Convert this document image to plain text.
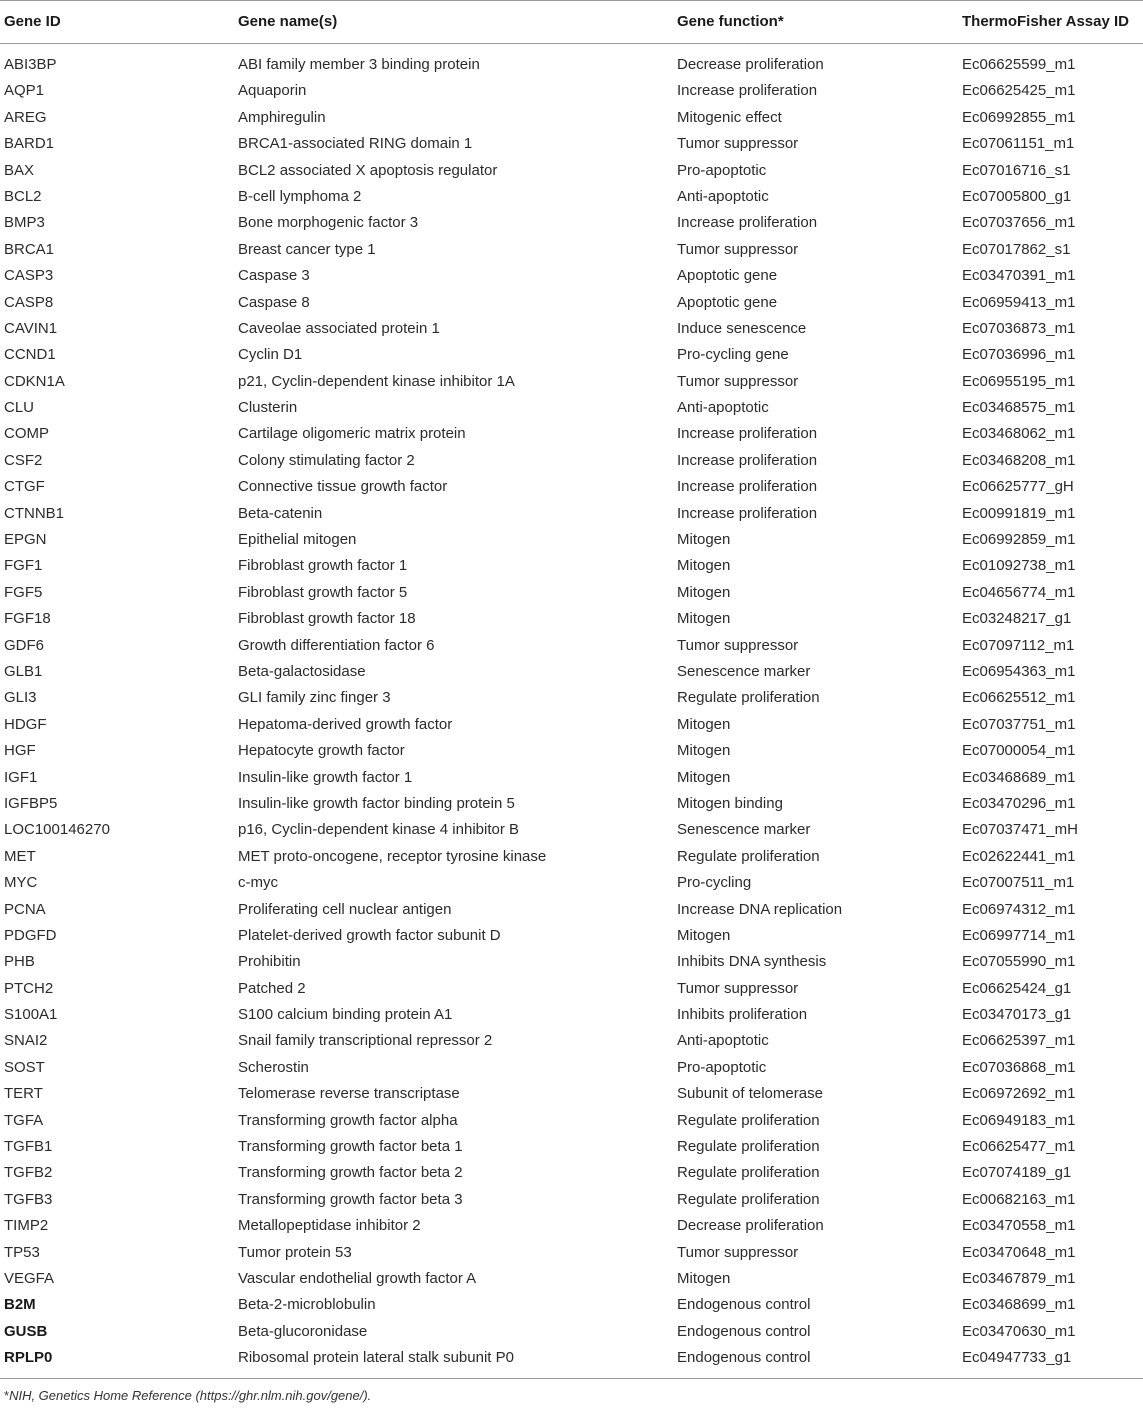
Gene ID	Gene name(s)	Gene function*	ThermoFisher Assay ID
ABI3BP	ABI family member 3 binding protein	Decrease proliferation	Ec06625599_m1
AQP1	Aquaporin	Increase proliferation	Ec06625425_m1
AREG	Amphiregulin	Mitogenic effect	Ec06992855_m1
BARD1	BRCA1-associated RING domain 1	Tumor suppressor	Ec07061151_m1
BAX	BCL2 associated X apoptosis regulator	Pro-apoptotic	Ec07016716_s1
BCL2	B-cell lymphoma 2	Anti-apoptotic	Ec07005800_g1
BMP3	Bone morphogenic factor 3	Increase proliferation	Ec07037656_m1
BRCA1	Breast cancer type 1	Tumor suppressor	Ec07017862_s1
CASP3	Caspase 3	Apoptotic gene	Ec03470391_m1
CASP8	Caspase 8	Apoptotic gene	Ec06959413_m1
CAVIN1	Caveolae associated protein 1	Induce senescence	Ec07036873_m1
CCND1	Cyclin D1	Pro-cycling gene	Ec07036996_m1
CDKN1A	p21, Cyclin-dependent kinase inhibitor 1A	Tumor suppressor	Ec06955195_m1
CLU	Clusterin	Anti-apoptotic	Ec03468575_m1
COMP	Cartilage oligomeric matrix protein	Increase proliferation	Ec03468062_m1
CSF2	Colony stimulating factor 2	Increase proliferation	Ec03468208_m1
CTGF	Connective tissue growth factor	Increase proliferation	Ec06625777_gH
CTNNB1	Beta-catenin	Increase proliferation	Ec00991819_m1
EPGN	Epithelial mitogen	Mitogen	Ec06992859_m1
FGF1	Fibroblast growth factor 1	Mitogen	Ec01092738_m1
FGF5	Fibroblast growth factor 5	Mitogen	Ec04656774_m1
FGF18	Fibroblast growth factor 18	Mitogen	Ec03248217_g1
GDF6	Growth differentiation factor 6	Tumor suppressor	Ec07097112_m1
GLB1	Beta-galactosidase	Senescence marker	Ec06954363_m1
GLI3	GLI family zinc finger 3	Regulate proliferation	Ec06625512_m1
HDGF	Hepatoma-derived growth factor	Mitogen	Ec07037751_m1
HGF	Hepatocyte growth factor	Mitogen	Ec07000054_m1
IGF1	Insulin-like growth factor 1	Mitogen	Ec03468689_m1
IGFBP5	Insulin-like growth factor binding protein 5	Mitogen binding	Ec03470296_m1
LOC100146270	p16, Cyclin-dependent kinase 4 inhibitor B	Senescence marker	Ec07037471_mH
MET	MET proto-oncogene, receptor tyrosine kinase	Regulate proliferation	Ec02622441_m1
MYC	c-myc	Pro-cycling	Ec07007511_m1
PCNA	Proliferating cell nuclear antigen	Increase DNA replication	Ec06974312_m1
PDGFD	Platelet-derived growth factor subunit D	Mitogen	Ec06997714_m1
PHB	Prohibitin	Inhibits DNA synthesis	Ec07055990_m1
PTCH2	Patched 2	Tumor suppressor	Ec06625424_g1
S100A1	S100 calcium binding protein A1	Inhibits proliferation	Ec03470173_g1
SNAI2	Snail family transcriptional repressor 2	Anti-apoptotic	Ec06625397_m1
SOST	Scherostin	Pro-apoptotic	Ec07036868_m1
TERT	Telomerase reverse transcriptase	Subunit of telomerase	Ec06972692_m1
TGFA	Transforming growth factor alpha	Regulate proliferation	Ec06949183_m1
TGFB1	Transforming growth factor beta 1	Regulate proliferation	Ec06625477_m1
TGFB2	Transforming growth factor beta 2	Regulate proliferation	Ec07074189_g1
TGFB3	Transforming growth factor beta 3	Regulate proliferation	Ec00682163_m1
TIMP2	Metallopeptidase inhibitor 2	Decrease proliferation	Ec03470558_m1
TP53	Tumor protein 53	Tumor suppressor	Ec03470648_m1
VEGFA	Vascular endothelial growth factor A	Mitogen	Ec03467879_m1
B2M	Beta-2-microblobulin	Endogenous control	Ec03468699_m1
GUSB	Beta-glucoronidase	Endogenous control	Ec03470630_m1
RPLP0	Ribosomal protein lateral stalk subunit P0	Endogenous control	Ec04947733_g1
*NIH, Genetics Home Reference (https://ghr.nlm.nih.gov/gene/).
